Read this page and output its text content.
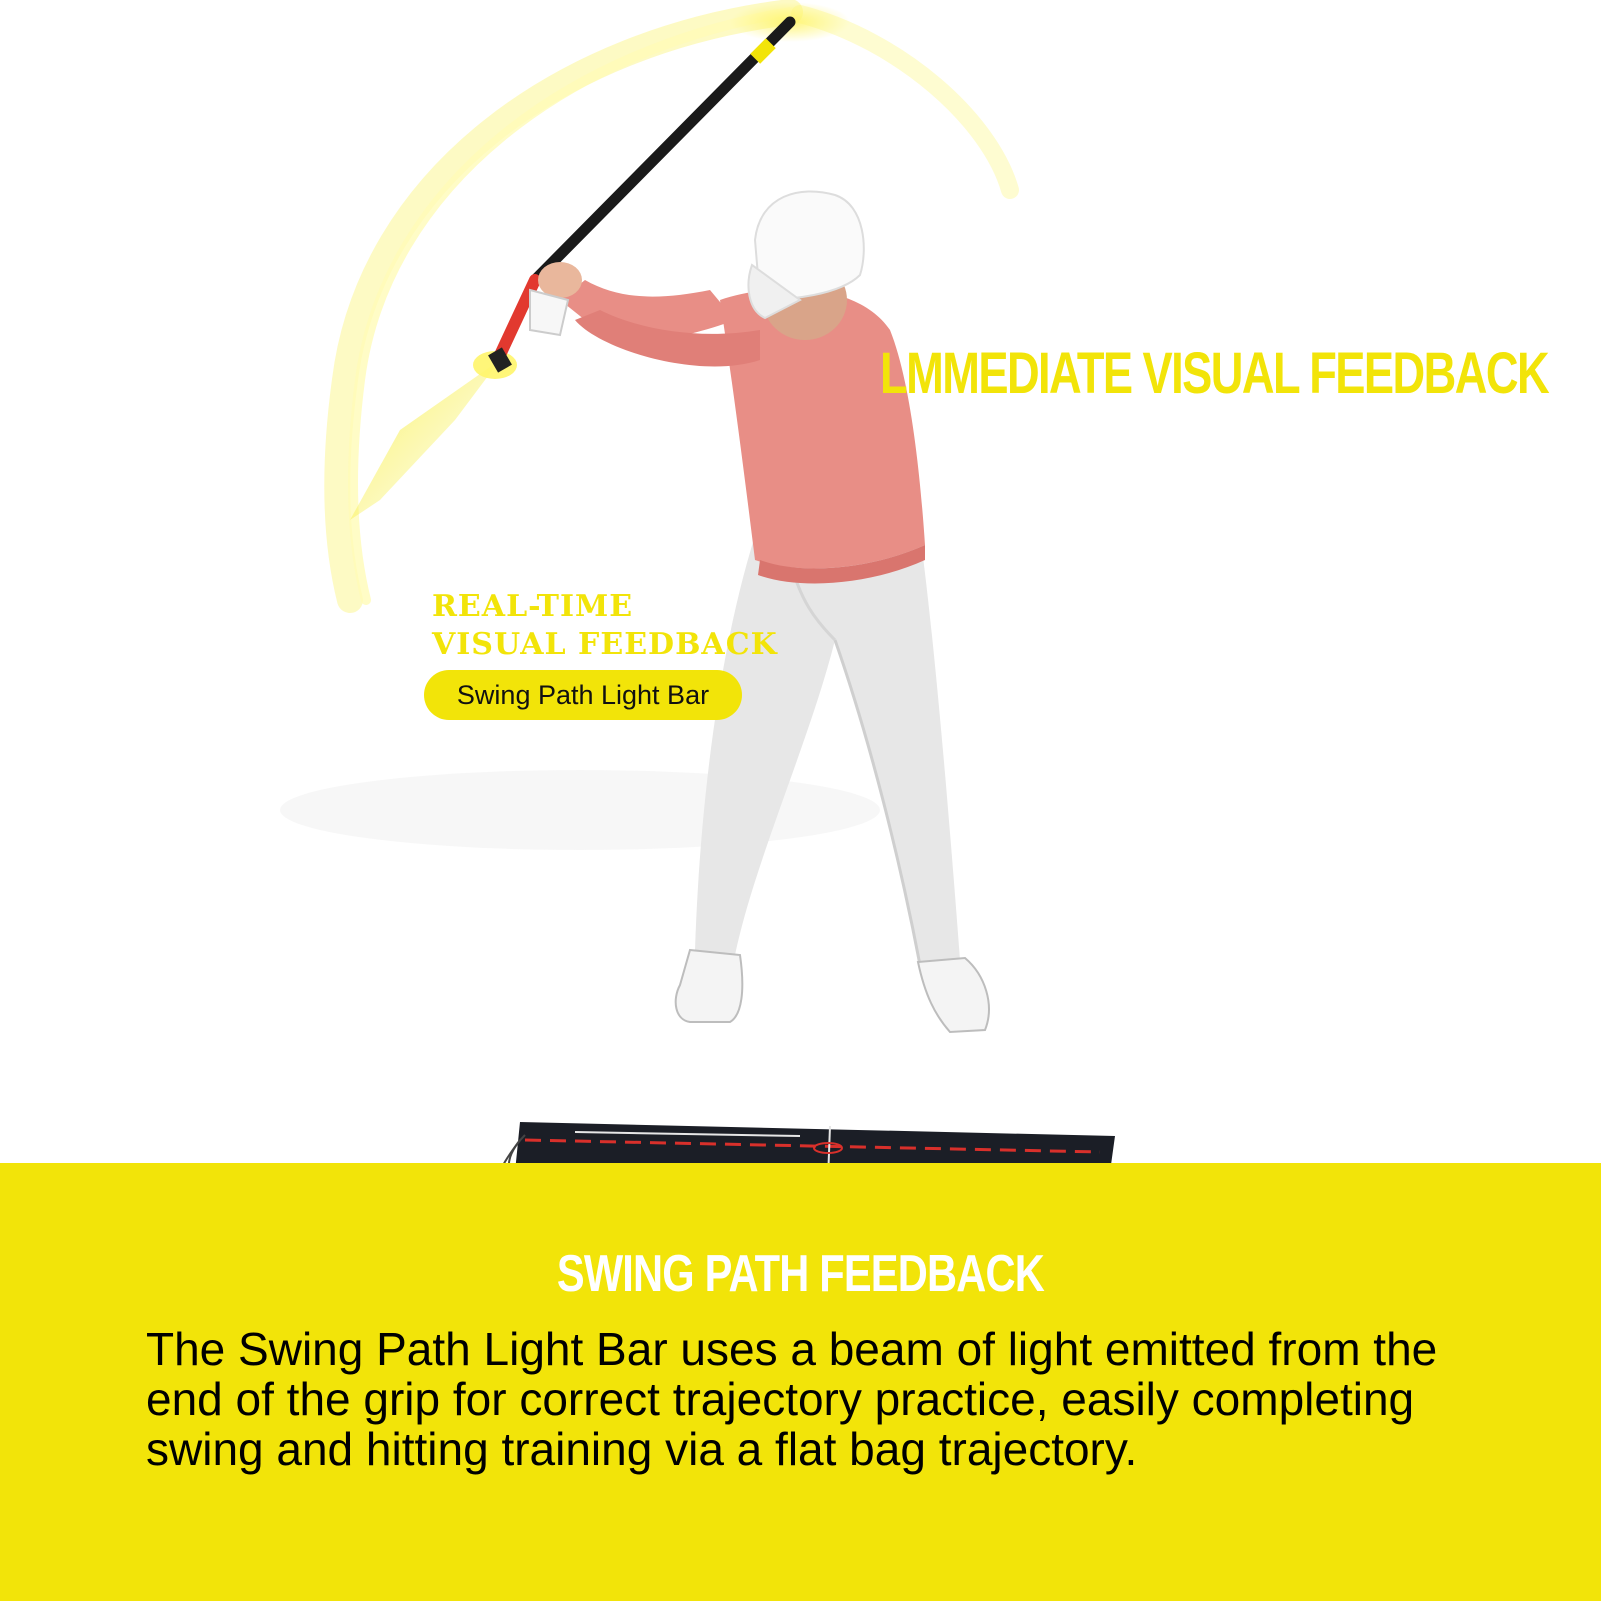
LMMEDIATE VISUAL FEEDBACK
REAL-TIME
VISUAL FEEDBACK
Swing Path Light Bar
SWING PATH FEEDBACK

The Swing Path Light Bar uses a beam of light emitted from the end of the grip for correct trajectory practice, easily completing swing and hitting training via a flat bag trajectory.
